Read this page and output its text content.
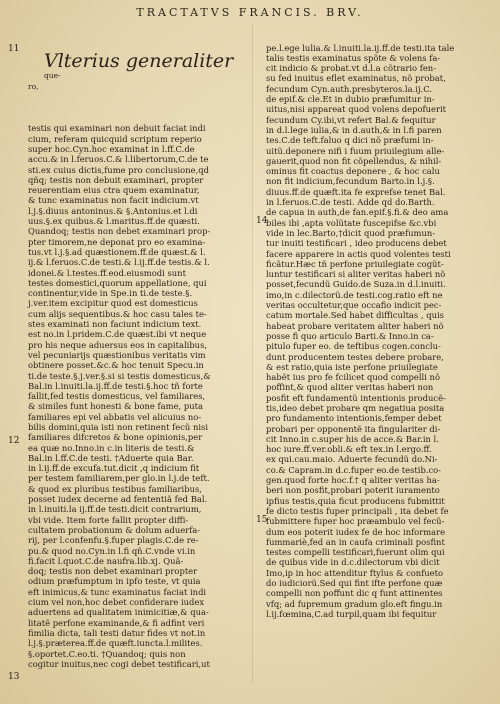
TRACTATVS FRANCIS. BRV.

Vlterius generaliter
que-
ro,

testis qui examinari non debuit faciat indi
cium, referam quicquid scriptum reperio
super hoc.Cyn.hoc examinat in l.ff.C.de
accu.& in l.feruos.C.& l.libertorum,C.de te
sti.ex cuius dictis,fume pro conclusione,qd
qñq; testis non debuit examinari, propter
reuerentiam eius ctra quem examinatur,
& tunc examinatus non facit indicium.vt
l.j.§.diuus antoninus.& §.Antonius.et l.di
uus.§.ex quibus.& l.maritus.ff.de quæsti.
Quandoq; testis non debet examinari prop-
pter timorem,ne deponat pro eo examina-
tus.vt l.j.§.ad quæstionem.ff.de quæst.& l.
ij.& l.feruos.C.de testi.& l.ij.ff.de testis.& l.
idonei.& l.testes.ff.eod.eiusmodi sunt
testes domestici,quorum appellatione, qui
continentur,vide in Spe.in ti.de teste.§.
j.ver.item excipitur quod est domesticus
cum alijs sequentibus.& hoc casu tales te-
stes examinati non faciunt indicium text.
est no.in l.pridem.C.de quæst.ibi vt neque
pro his neque aduersus eos in capitalibus,
vel pecuniarijs quæstionibus veritatis vim
obtinere posset.&c.& hoc tenuit Specu.in
ti.de teste.§.j.ver.§.si si testis domesticus,&
Bal.in l.inuiti.la.ij.ff.de testi.§.hoc tñ forte
fallit,fed testis domesticus, vel familiares,
& similes funt honesti & bone fame, puta
familiares epi vel abbatis vel alicuius no-
bilis domini,quia isti non retinent fecũ nisi
familiares difcretos & bone opinionis,per
ea quæ no.Inno.in c.in literis de testi.&
Bal.in l.ff.C.de testi. †Aduerte quia Bar.
in l.ij.ff.de excufa.tut.dicit ,q indicium fit
per testem familiarem,per glo.in l.j.de teft.
& quod ex pluribus testibus familiaribus,
posset iudex decerne ad fententiã fed Bal.
in l.inuiti.la ij.ff.de testi.dicit contrarium,
vbi vide. Item forte fallit propter diffi-
cultatem probationum & dolum aduerfa-
rij, per l.confenfu.§.fuper plagis.C.de re-
pu.& quod no.Cyn.in l.fi qñ.C.vnde vi.in
fi.facit l.quot.C.de naufra.lib.xj. Quã-
doq; testis non debet examinari propter
odium præfumptum in ipfo teste, vt quia
eft inimicus,& tunc examinatus faciat indi
cium vel non,hoc debet confiderare iudex
aduertens ad qualitatem inimicitiæ,& qua-
litatẽ perfone examinande,& fi adfint veri
fimilia dicta, tali testi datur fides vt not.in
l.j.§.præterea.ff.de quæft.iuncta.l.milites.
§.oportet.C.eo.ti. †Quandoq; quis non
cogitur inuitus,nec cogi debet testificari,ut

pe.l.ege lulia.& l.inuiti.la.ij.ff.de testi.ita tale
talis testis examinatus spõte & volens fa-
cit indicio & probat.vt d.l.a cõtrario fen-
su fed inuitus eflet examinatus, nõ probat,
fecundum Cyn.auth.presbyteros.la.ij.C.
de epif.& cle.Et in dubio præfumitur in-
uitus,nisi appareat quod volens depofuerit
fecundum Cy.ibi,vt refert Bal.& fequitur
in d.l.lege iulia,& in d.auth,& in l.fi paren
tes.C.de teft.faluo q dici nõ præfumi in-
uitũ.deponere nifi i fuum priuilegium alle-
gauerit,quod non fit cõpellendus, & nihil-
ominus fit coactus deponere , & hoc calu
non fit indicium,fecundum Barto.in l.j.§.
diuus.ff.de quæft.ita fe exprefse tenet Bal.
in l.feruos.C.de testi. Adde qd do.Barth.
de capua in auth,de fan.epif.§.fi.& deo ama
biles ibi ,apta volũtate fuscepifse &c.vbi
vide in lec.Barto,†dicit quod præfumun-
tur inuiti testificari , ideo producens debet
facere apparere in actis quod volentes testi
ficãtur.Hæc tñ perfone priuilegiate cogũt-
luntur testificari si aliter veritas haberi nõ
posset,fecundũ Guido.de Suza.in d.l.inuiti.
imo,in c.dilectorũ.de testi.cog.ratio eft ne
veritas occultetur,que occafio indicit pec-
catum mortale.Sed habet difficultas , quis
habeat probare veritatem aliter haberi nõ
posse fi quo articulo Barti.& Inno.in ca-
pitulo fuper eo. de teftibus cogen.conclu-
dunt producentem testes debere probare,
& est ratio,quia iste perfone priuilegiate
habẽt ius pro fe fcilicet quod compelli nõ
poffint,& quod aliter veritas haberi non
posfit eft fundamentũ intentionis producẽ-
tis,ideo debet probare qm negatiua posita
pro fundamento intentionis,femper debet
probari per opponentẽ ita fingulariter di-
cit Inno.in c.super his de acce.& Bar.in l.
hoc iure.ff.ver.obli.& eft tex.in l.ergo.ff.
ex qui.cau.maio. Aduerte fecundũ do.Ni-
co.& Capram.in d.c.fuper eo.de testib.co-
gen.quod forte hoc.f.† q aliter veritas ha-
beri non posfit,probari poterit iuramento
ipfius testis,quia ficut producens fubmittit
fe dicto testis fuper principali , ita debet fe
fubmittere fuper hoc præambulo vel fecũ-
dum eos poterit iudex fe de hoc informare
fummariè,fed an in caufa criminali posfint
testes compelli testificari,fuerunt olim qui
de quibus vide in d.c.dilectorum vbi dicit
Imo,ip in hoc attenditur ftylus & confueto
do iudiciorũ.Sed qui fint ifte perfone quæ
compelli non poffunt dic q funt attinentes
vfq; ad fupremum gradum glo.eft fingu.in
l.ij.fœmina,C.ad turpil,quam ibi fequitur

11
12
13
14
15
